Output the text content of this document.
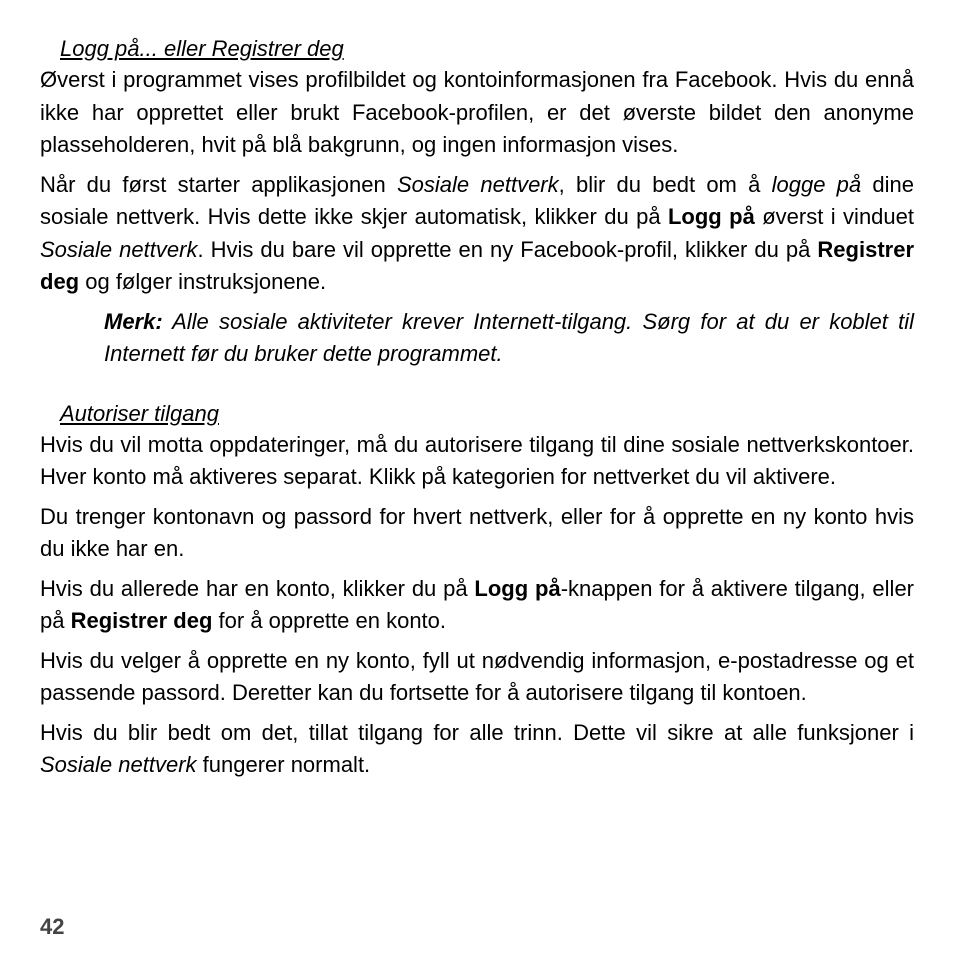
Logg på... eller Registrer deg

Øverst i programmet vises profilbildet og kontoinformasjonen fra Facebook. Hvis du ennå ikke har opprettet eller brukt Facebook-profilen, er det øverste bildet den anonyme plasseholderen, hvit på blå bakgrunn, og ingen informasjon vises.

Når du først starter applikasjonen Sosiale nettverk, blir du bedt om å logge på dine sosiale nettverk. Hvis dette ikke skjer automatisk, klikker du på Logg på øverst i vinduet Sosiale nettverk. Hvis du bare vil opprette en ny Facebook-profil, klikker du på Registrer deg og følger instruksjonene.

Merk: Alle sosiale aktiviteter krever Internett-tilgang. Sørg for at du er koblet til Internett før du bruker dette programmet.

Autoriser tilgang

Hvis du vil motta oppdateringer, må du autorisere tilgang til dine sosiale nettverkskontoer. Hver konto må aktiveres separat. Klikk på kategorien for nettverket du vil aktivere.

Du trenger kontonavn og passord for hvert nettverk, eller for å opprette en ny konto hvis du ikke har en.

Hvis du allerede har en konto, klikker du på Logg på-knappen for å aktivere tilgang, eller på Registrer deg for å opprette en konto.

Hvis du velger å opprette en ny konto, fyll ut nødvendig informasjon, e-postadresse og et passende passord. Deretter kan du fortsette for å autorisere tilgang til kontoen.

Hvis du blir bedt om det, tillat tilgang for alle trinn. Dette vil sikre at alle funksjoner i Sosiale nettverk fungerer normalt.

42
